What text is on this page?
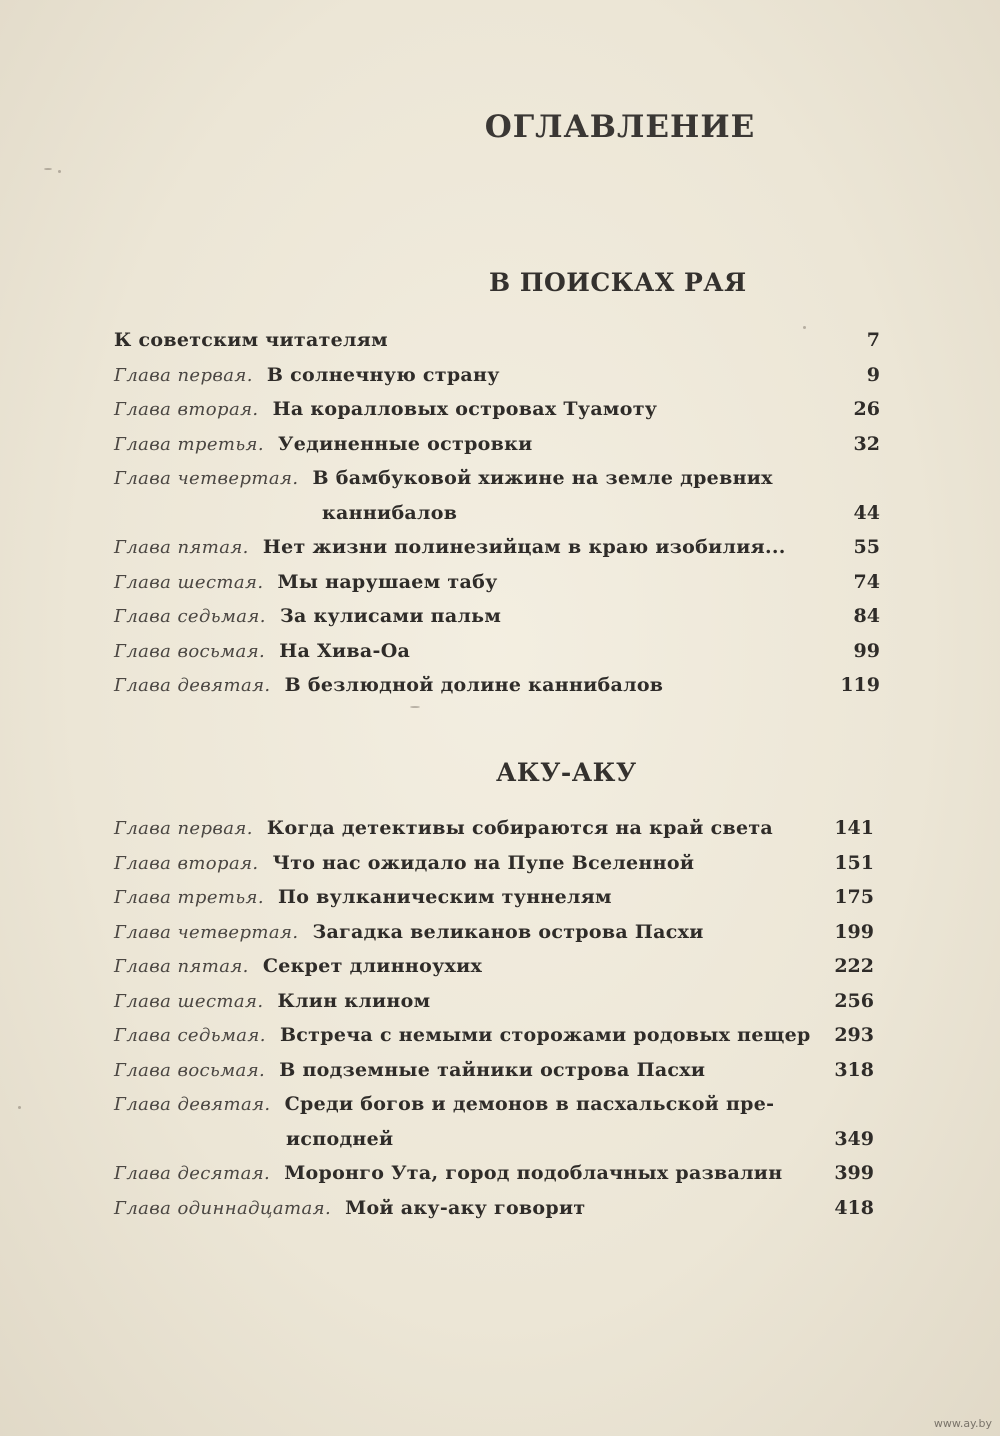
ОГЛАВЛЕНИЕ
В ПОИСКАХ РАЯ
К советским читателям	7
Глава первая. В солнечную страну	9
Глава вторая. На коралловых островах Туамоту	26
Глава третья. Уединенные островки	32
Глава четвертая. В бамбуковой хижине на земле древних
каннибалов	44
Глава пятая. Нет жизни полинезийцам в краю изобилия...	55
Глава шестая. Мы нарушаем табу	74
Глава седьмая. За кулисами пальм	84
Глава восьмая. На Хива-Оа	99
Глава девятая. В безлюдной долине каннибалов	119
АКУ-АКУ
Глава первая. Когда детективы собираются на край света	141
Глава вторая. Что нас ожидало на Пупе Вселенной	151
Глава третья. По вулканическим туннелям	175
Глава четвертая. Загадка великанов острова Пасхи	199
Глава пятая. Секрет длинноухих	222
Глава шестая. Клин клином	256
Глава седьмая. Встреча с немыми сторожами родовых пещер 293
Глава восьмая. В подземные тайники острова Пасхи	318
Глава девятая. Среди богов и демонов в пасхальской пре-
исподней	349
Глава десятая. Моронго Ута, город подоблачных развалин	399
Глава одиннадцатая. Мой аку-аку говорит	418
www.ay.by
